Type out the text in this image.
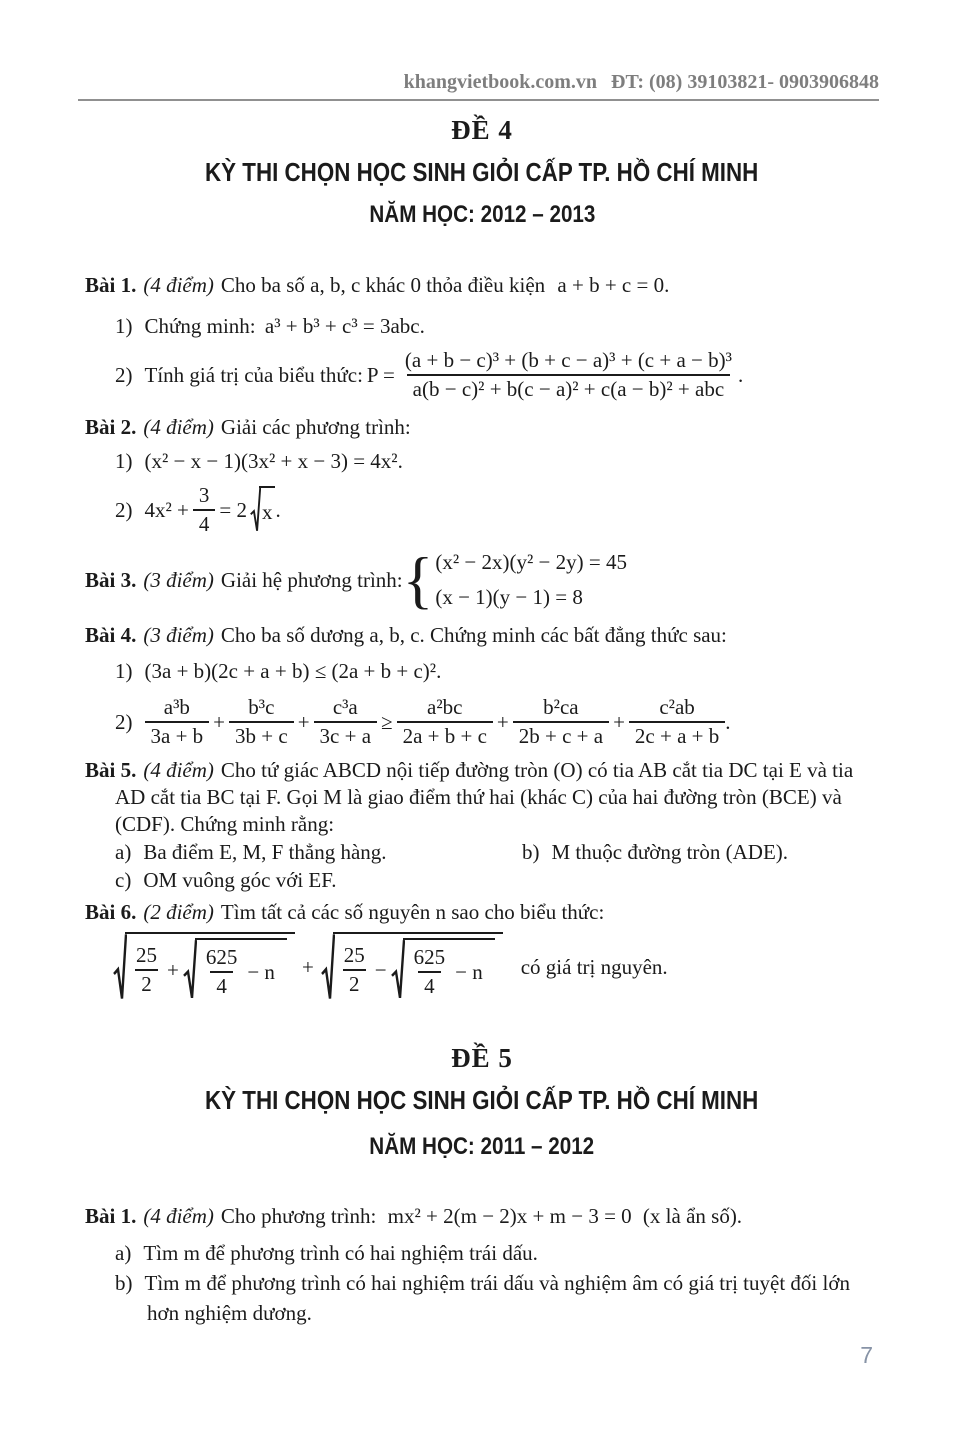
khangvietbook.com.vn ĐT: (08) 39103821- 0903906848
ĐỀ 4
KỲ THI CHỌN HỌC SINH GIỎI CẤP TP. HỒ CHÍ MINH
NĂM HỌC: 2012 – 2013
Bài 1. (4 điểm) Cho ba số a, b, c khác 0 thỏa điều kiện a + b + c = 0.
1) Chứng minh: a³ + b³ + c³ = 3abc.
2) Tính giá trị của biểu thức: $P = \frac{\text{(a + b − c)³ + (b + c − a)³ + (c + a − b)³}}{\text{a(b − c)² + b(c − a)² + c(a − b)² + abc}}$ .
Bài 2. (4 điểm) Giải các phương trình:
1) (x² − x − 1)(3x² + x − 3) = 4x².
2) $4x^2 + \frac{3}{4} = 2$ x .
Bài 3. (3 điểm) Giải hệ phương trình: { (x² − 2x)(y² − 2y) = 45
(x − 1)(y − 1) = 8
Bài 4. (3 điểm) Cho ba số dương a, b, c. Chứng minh các bất đẳng thức sau:
1) (3a + b)(2c + a + b) ≤ (2a + b + c)².
$2) \frac{\text{a³b}}{3a + b} + \frac{\text{b³c}}{3b + c} + \frac{\text{c³a}}{3c + a} \ge \frac{\text{a²bc}}{2a + b + c} + \frac{\text{b²ca}}{2b + c + a} + \frac{\text{c²ab}}{2c + a + b}$ .
Bài 5. (4 điểm) Cho tứ giác ABCD nội tiếp đường tròn (O) có tia AB cắt tia DC tại E và tia AD cắt tia BC tại F. Gọi M là giao điểm thứ hai (khác C) của hai đường tròn (BCE) và (CDF). Chứng minh rằng:
a) Ba điểm E, M, F thẳng hàng.	b) M thuộc đường tròn (ADE).
c) OM vuông góc với EF.
Bài 6. (2 điểm) Tìm tất cả các số nguyên n sao cho biểu thức:
$\frac{25}{2} + \frac{625}{4} - n + \frac{25}{2} - \frac{625}{4} - n$ có giá trị nguyên.
ĐỀ 5
KỲ THI CHỌN HỌC SINH GIỎI CẤP TP. HỒ CHÍ MINH
NĂM HỌC: 2011 – 2012
Bài 1. (4 điểm) Cho phương trình: mx² + 2(m − 2)x + m − 3 = 0 (x là ẩn số).
a) Tìm m để phương trình có hai nghiệm trái dấu.
b) Tìm m để phương trình có hai nghiệm trái dấu và nghiệm âm có giá trị tuyệt đối lớn hơn nghiệm dương.
7
